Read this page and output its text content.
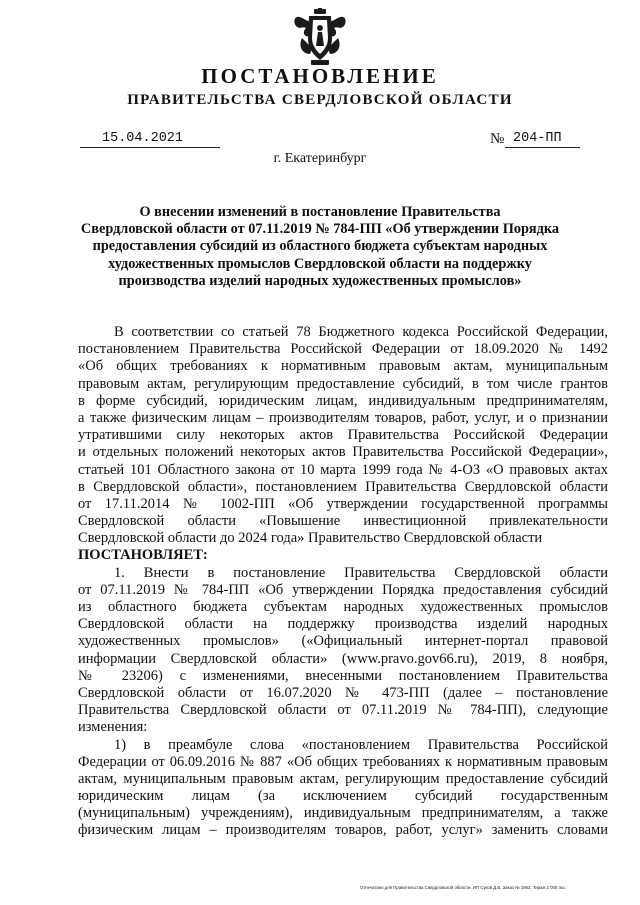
ПОСТАНОВЛЕНИЕ
ПРАВИТЕЛЬСТВА СВЕРДЛОВСКОЙ ОБЛАСТИ
15.04.2021	№ 204-ПП
г. Екатеринбург
О внесении изменений в постановление Правительства
Свердловской области от 07.11.2019 № 784-ПП «Об утверждении Порядка
предоставления субсидий из областного бюджета субъектам народных
художественных промыслов Свердловской области на поддержку
производства изделий народных художественных промыслов»
В соответствии со статьей 78 Бюджетного кодекса Российской Федерации,
постановлением Правительства Российской Федерации от 18.09.2020 № 1492
«Об общих требованиях к нормативным правовым актам, муниципальным
правовым актам, регулирующим предоставление субсидий, в том числе грантов
в форме субсидий, юридическим лицам, индивидуальным предпринимателям,
а также физическим лицам – производителям товаров, работ, услуг, и о признании
утратившими силу некоторых актов Правительства Российской Федерации
и отдельных положений некоторых актов Правительства Российской Федерации»,
статьей 101 Областного закона от 10 марта 1999 года № 4-ОЗ «О правовых актах
в Свердловской области», постановлением Правительства Свердловской области
от 17.11.2014 № 1002-ПП «Об утверждении государственной программы
Свердловской области «Повышение инвестиционной привлекательности
Свердловской области до 2024 года» Правительство Свердловской области
ПОСТАНОВЛЯЕТ:
1. Внести в постановление Правительства Свердловской области
от 07.11.2019 № 784-ПП «Об утверждении Порядка предоставления субсидий
из областного бюджета субъектам народных художественных промыслов
Свердловской области на поддержку производства изделий народных
художественных промыслов» («Официальный интернет-портал правовой
информации Свердловской области» (www.pravo.gov66.ru), 2019, 8 ноября,
№ 23206) с изменениями, внесенными постановлением Правительства
Свердловской области от 16.07.2020 № 473-ПП (далее – постановление
Правительства Свердловской области от 07.11.2019 № 784-ПП), следующие
изменения:
1) в преамбуле слова «постановлением Правительства Российской
Федерации от 06.09.2016 № 887 «Об общих требованиях к нормативным правовым
актам, муниципальным правовым актам, регулирующим предоставление субсидий
юридическим лицам (за исключением субсидий государственным
(муниципальным) учреждениям), индивидуальным предпринимателям, а также
физическим лицам – производителям товаров, работ, услуг» заменить словами
Отпечатано для Правительства Свердловской области. ИП Суков Д.В. Заказ № 1963. Тираж 2 000 экз.
